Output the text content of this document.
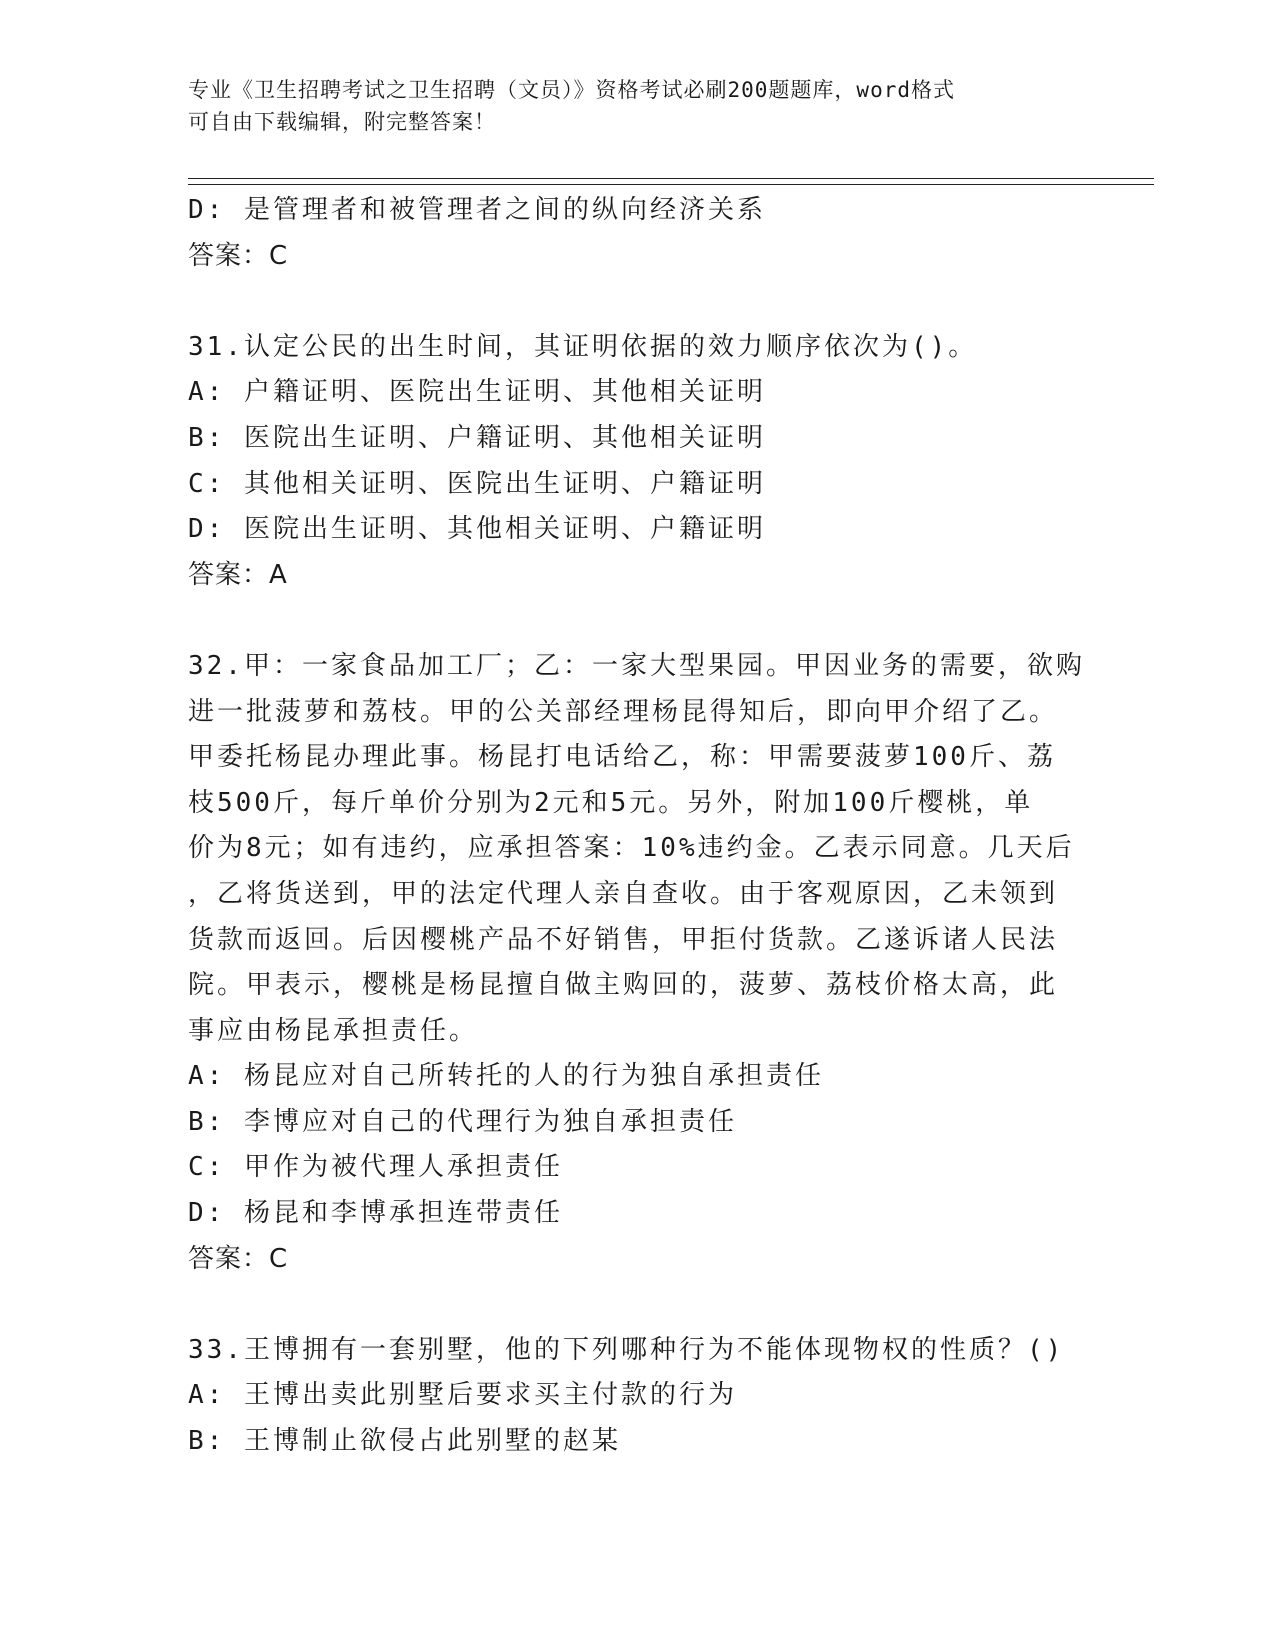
专业《卫生招聘考试之卫生招聘（文员）》资格考试必刷200题题库，word格式
可自由下载编辑，附完整答案！
D: 是管理者和被管理者之间的纵向经济关系
答案：C
31.认定公民的出生时间，其证明依据的效力顺序依次为()。
A: 户籍证明、医院出生证明、其他相关证明
B: 医院出生证明、户籍证明、其他相关证明
C: 其他相关证明、医院出生证明、户籍证明
D: 医院出生证明、其他相关证明、户籍证明
答案：A
32.甲：一家食品加工厂；乙：一家大型果园。甲因业务的需要，欲购
进一批菠萝和荔枝。甲的公关部经理杨昆得知后，即向甲介绍了乙。
甲委托杨昆办理此事。杨昆打电话给乙，称：甲需要菠萝100斤、荔
枝500斤，每斤单价分别为2元和5元。另外，附加100斤樱桃，单
价为8元；如有违约，应承担答案：10%违约金。乙表示同意。几天后
，乙将货送到，甲的法定代理人亲自查收。由于客观原因，乙未领到
货款而返回。后因樱桃产品不好销售，甲拒付货款。乙遂诉诸人民法
院。甲表示，樱桃是杨昆擅自做主购回的，菠萝、荔枝价格太高，此
事应由杨昆承担责任。
A: 杨昆应对自己所转托的人的行为独自承担责任
B: 李博应对自己的代理行为独自承担责任
C: 甲作为被代理人承担责任
D: 杨昆和李博承担连带责任
答案：C
33.王博拥有一套别墅，他的下列哪种行为不能体现物权的性质？()
A: 王博出卖此别墅后要求买主付款的行为
B: 王博制止欲侵占此别墅的赵某
